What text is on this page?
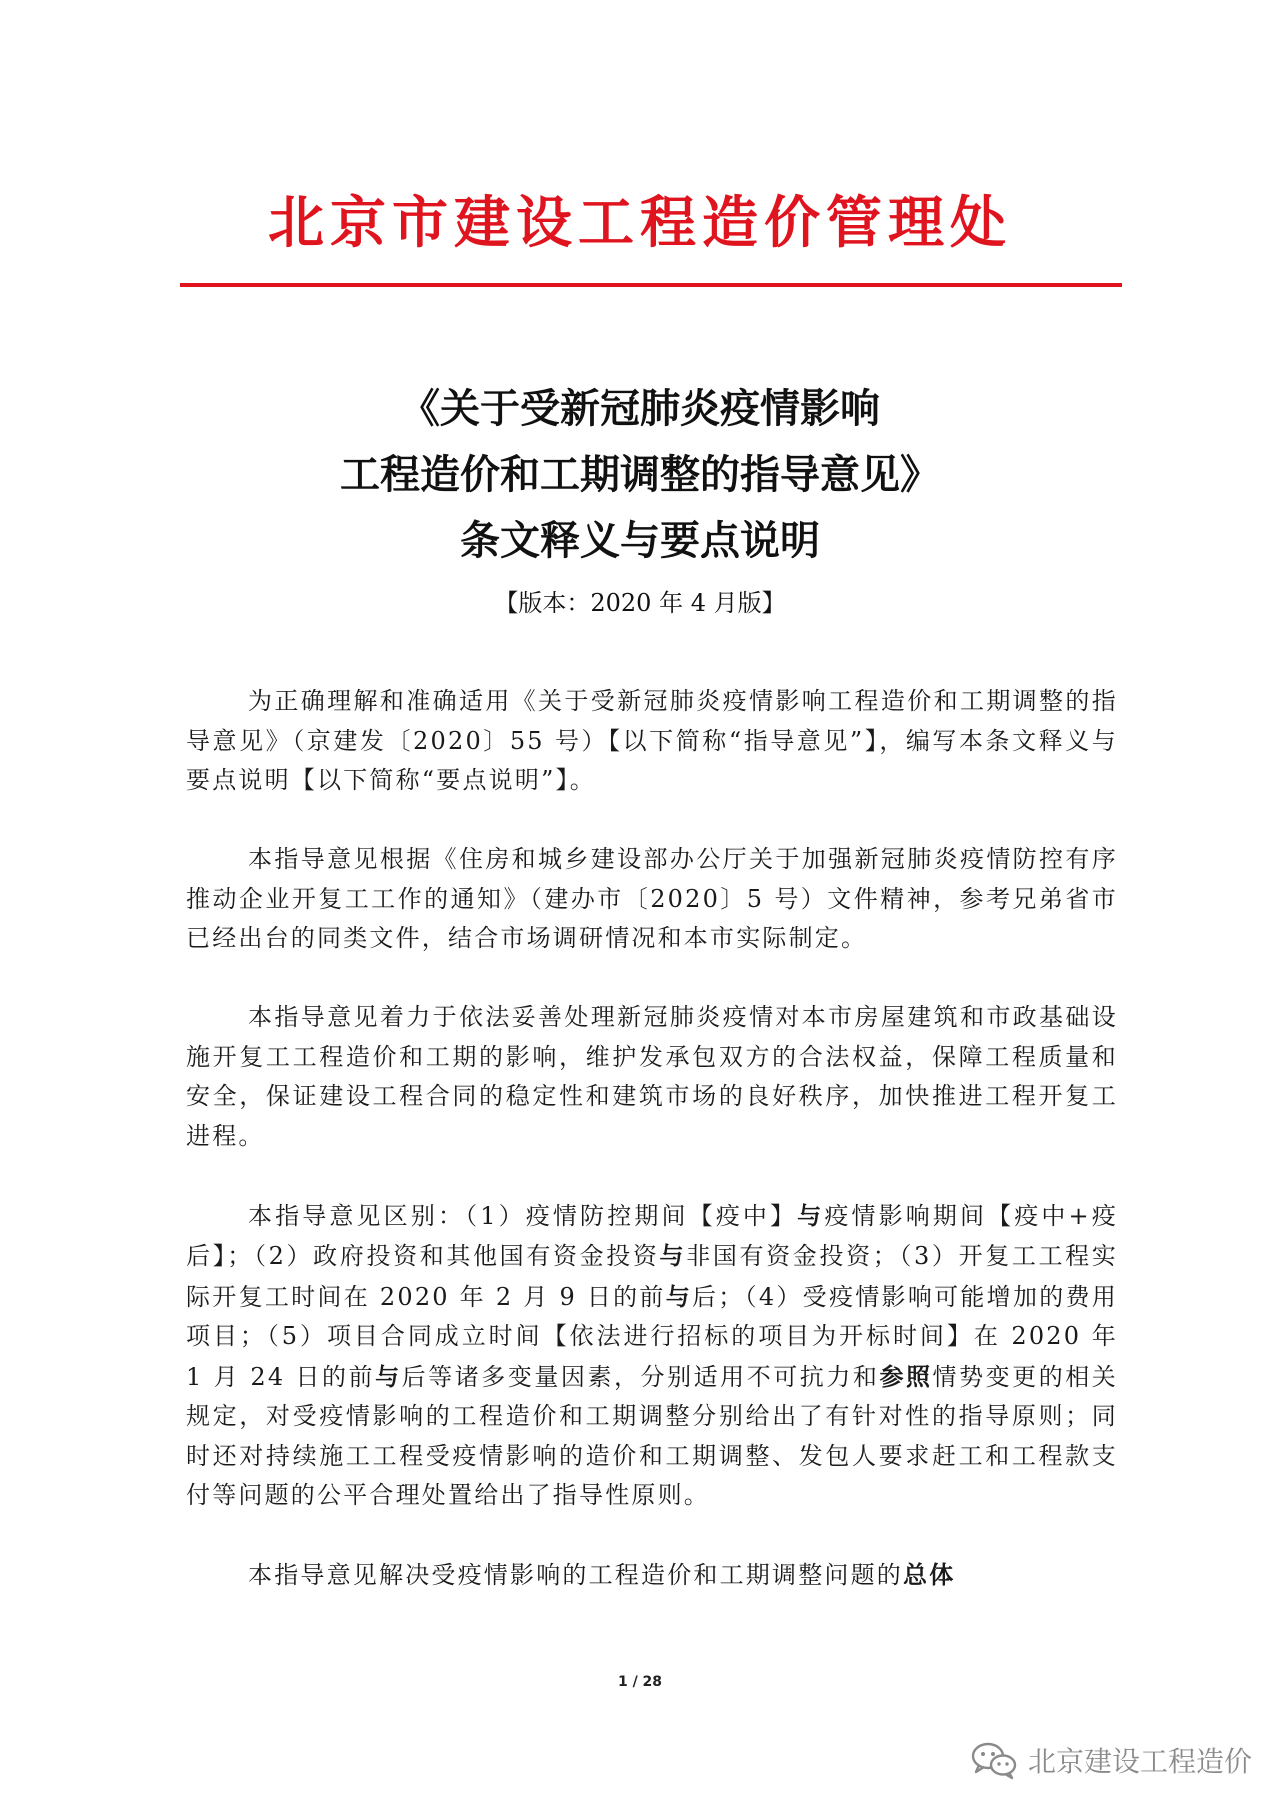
北京市建设工程造价管理处
《关于受新冠肺炎疫情影响
工程造价和工期调整的指导意见》
条文释义与要点说明
【版本：2020 年 4 月版】

为正确理解和准确适用《关于受新冠肺炎疫情影响工程造价和工期调整的指导意见》（京建发〔2020〕55 号）【以下简称“指导意见”】，编写本条文释义与要点说明【以下简称“要点说明”】。

本指导意见根据《住房和城乡建设部办公厅关于加强新冠肺炎疫情防控有序推动企业开复工工作的通知》（建办市〔2020〕5 号）文件精神，参考兄弟省市已经出台的同类文件，结合市场调研情况和本市实际制定。

本指导意见着力于依法妥善处理新冠肺炎疫情对本市房屋建筑和市政基础设施开复工工程造价和工期的影响，维护发承包双方的合法权益，保障工程质量和安全，保证建设工程合同的稳定性和建筑市场的良好秩序，加快推进工程开复工进程。

本指导意见区别：（1）疫情防控期间【疫中】与疫情影响期间【疫中+疫后】；（2）政府投资和其他国有资金投资与非国有资金投资；（3）开复工工程实际开复工时间在 2020 年 2 月 9 日的前与后；（4）受疫情影响可能增加的费用项目；（5）项目合同成立时间【依法进行招标的项目为开标时间】在 2020 年 1 月 24 日的前与后等诸多变量因素，分别适用不可抗力和参照情势变更的相关规定，对受疫情影响的工程造价和工期调整分别给出了有针对性的指导原则；同时还对持续施工工程受疫情影响的造价和工期调整、发包人要求赶工和工程款支付等问题的公平合理处置给出了指导性原则。

本指导意见解决受疫情影响的工程造价和工期调整问题的总体

1 / 28
北京建设工程造价
